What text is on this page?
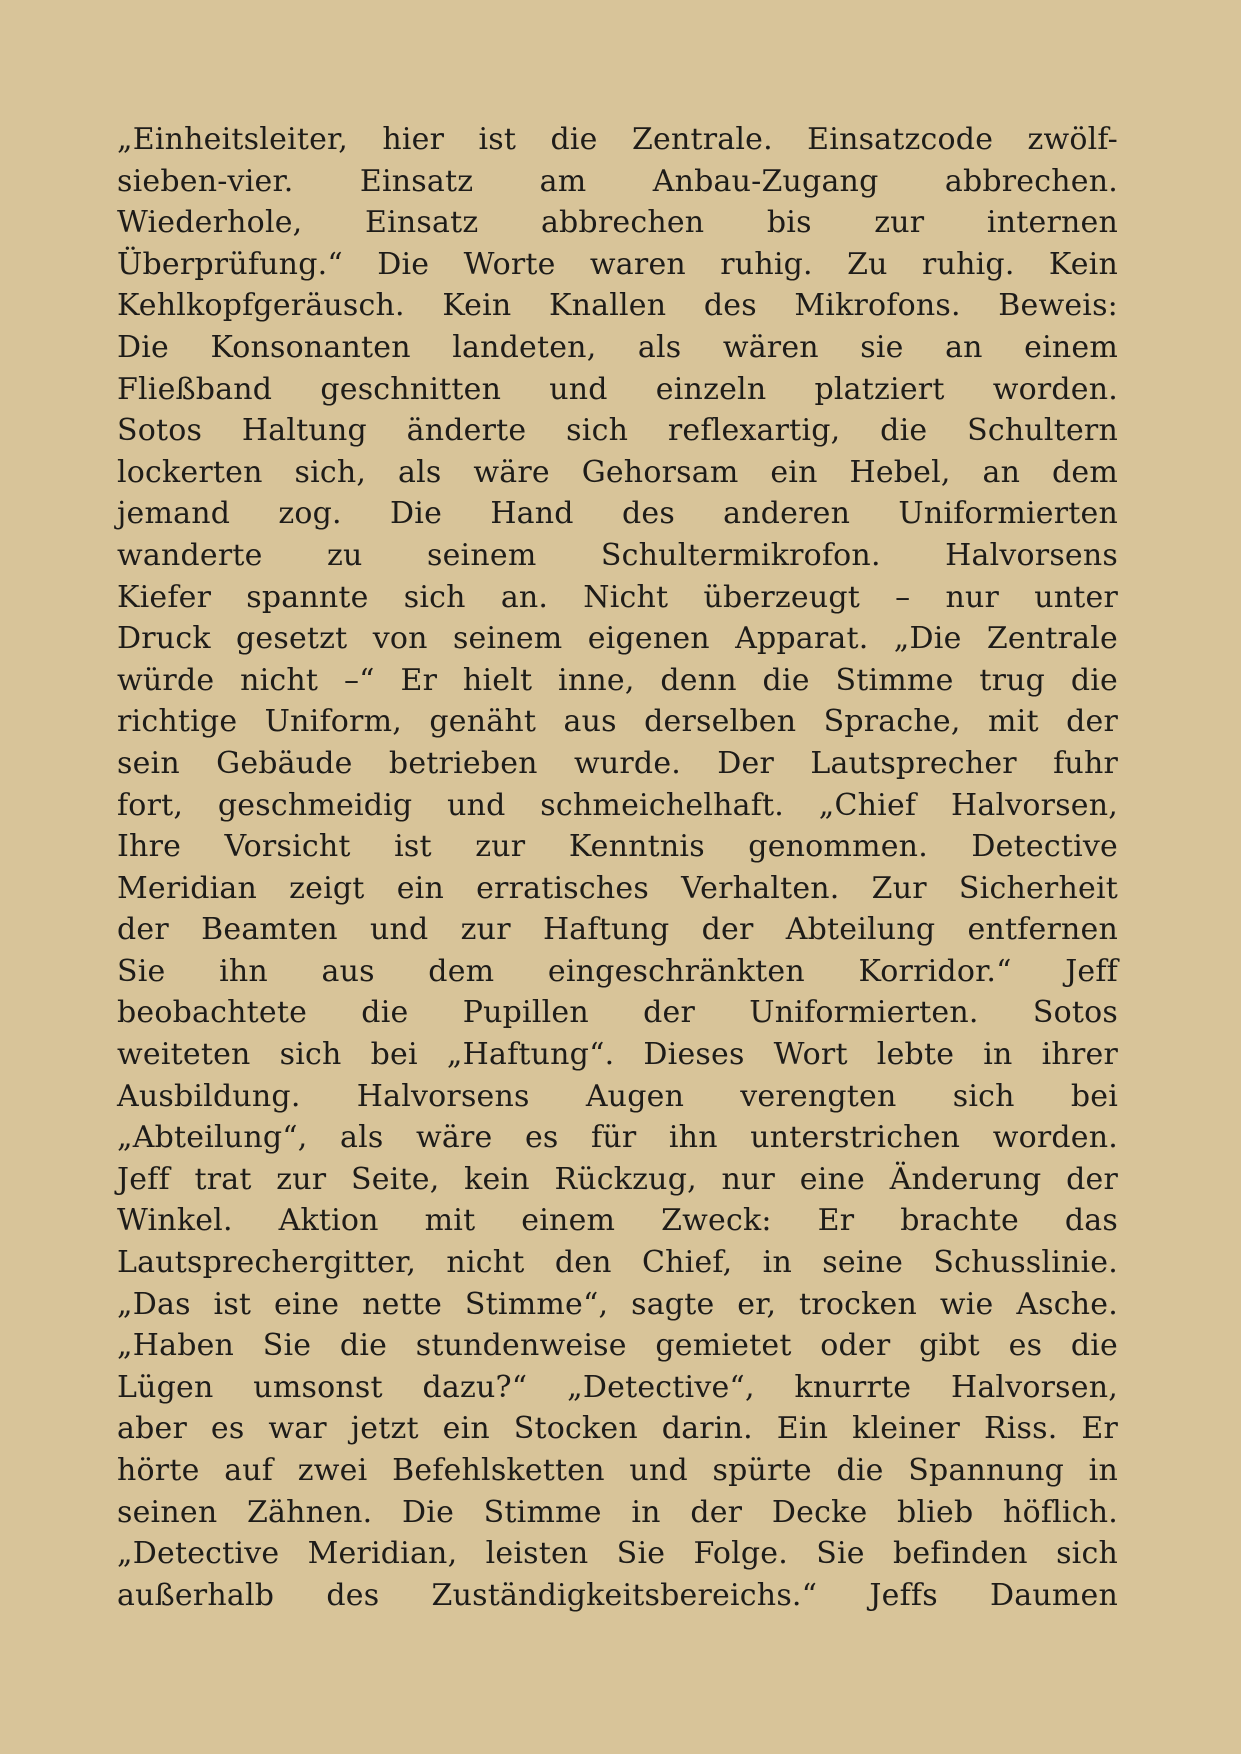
„Einheitsleiter, hier ist die Zentrale. Einsatzcode zwölf-
sieben-vier. Einsatz am Anbau-Zugang abbrechen.
Wiederhole, Einsatz abbrechen bis zur internen
Überprüfung.“ Die Worte waren ruhig. Zu ruhig. Kein
Kehlkopfgeräusch. Kein Knallen des Mikrofons. Beweis:
Die Konsonanten landeten, als wären sie an einem
Fließband geschnitten und einzeln platziert worden.
Sotos Haltung änderte sich reflexartig, die Schultern
lockerten sich, als wäre Gehorsam ein Hebel, an dem
jemand zog. Die Hand des anderen Uniformierten
wanderte zu seinem Schultermikrofon. Halvorsens
Kiefer spannte sich an. Nicht überzeugt – nur unter
Druck gesetzt von seinem eigenen Apparat. „Die Zentrale
würde nicht –“ Er hielt inne, denn die Stimme trug die
richtige Uniform, genäht aus derselben Sprache, mit der
sein Gebäude betrieben wurde. Der Lautsprecher fuhr
fort, geschmeidig und schmeichelhaft. „Chief Halvorsen,
Ihre Vorsicht ist zur Kenntnis genommen. Detective
Meridian zeigt ein erratisches Verhalten. Zur Sicherheit
der Beamten und zur Haftung der Abteilung entfernen
Sie ihn aus dem eingeschränkten Korridor.“ Jeff
beobachtete die Pupillen der Uniformierten. Sotos
weiteten sich bei „Haftung“. Dieses Wort lebte in ihrer
Ausbildung. Halvorsens Augen verengten sich bei
„Abteilung“, als wäre es für ihn unterstrichen worden.
Jeff trat zur Seite, kein Rückzug, nur eine Änderung der
Winkel. Aktion mit einem Zweck: Er brachte das
Lautsprechergitter, nicht den Chief, in seine Schusslinie.
„Das ist eine nette Stimme“, sagte er, trocken wie Asche.
„Haben Sie die stundenweise gemietet oder gibt es die
Lügen umsonst dazu?“ „Detective“, knurrte Halvorsen,
aber es war jetzt ein Stocken darin. Ein kleiner Riss. Er
hörte auf zwei Befehlsketten und spürte die Spannung in
seinen Zähnen. Die Stimme in der Decke blieb höflich.
„Detective Meridian, leisten Sie Folge. Sie befinden sich
außerhalb des Zuständigkeitsbereichs.“ Jeffs Daumen
